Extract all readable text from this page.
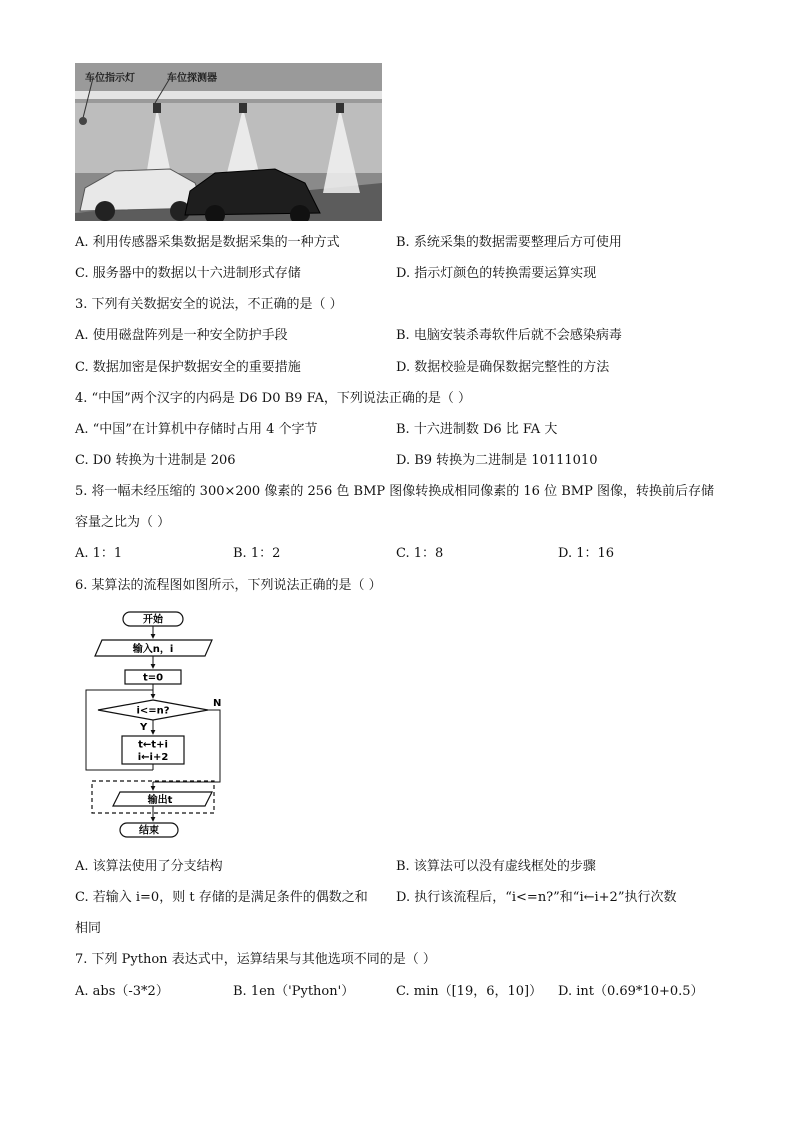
车位指示灯	车位探测器
A. 利用传感器采集数据是数据采集的一种方式	B. 系统采集的数据需要整理后方可使用
C. 服务器中的数据以十六进制形式存储	D. 指示灯颜色的转换需要运算实现
3. 下列有关数据安全的说法，不正确的是（ ）
A. 使用磁盘阵列是一种安全防护手段	B. 电脑安装杀毒软件后就不会感染病毒
C. 数据加密是保护数据安全的重要措施	D. 数据校验是确保数据完整性的方法
4. “中国”两个汉字的内码是 D6 D0 B9 FA，下列说法正确的是（ ）
A. “中国”在计算机中存储时占用 4 个字节	B. 十六进制数 D6 比 FA 大
C. D0 转换为十进制是 206	D. B9 转换为二进制是 10111010
5. 将一幅未经压缩的 300×200 像素的 256 色 BMP 图像转换成相同像素的 16 位 BMP 图像，转换前后存储
容量之比为（ ）
A. 1：1	B. 1：2	C. 1：8	D. 1：16
6. 某算法的流程图如图所示，下列说法正确的是（ ）
开始
输入n，i
t=0
i<=n?
N
Y
t←t+i
i←i+2
输出t
结束
A. 该算法使用了分支结构	B. 该算法可以没有虚线框处的步骤
C. 若输入 i=0，则 t 存储的是满足条件的偶数之和 D. 执行该流程后，“i<=n?”和“i←i+2”执行次数
相同
7. 下列 Python 表达式中，运算结果与其他选项不同的是（ ）
A. abs（-3*2）	B. 1en（'Python'）	C. min（[19，6，10]） D. int（0.69*10+0.5）
